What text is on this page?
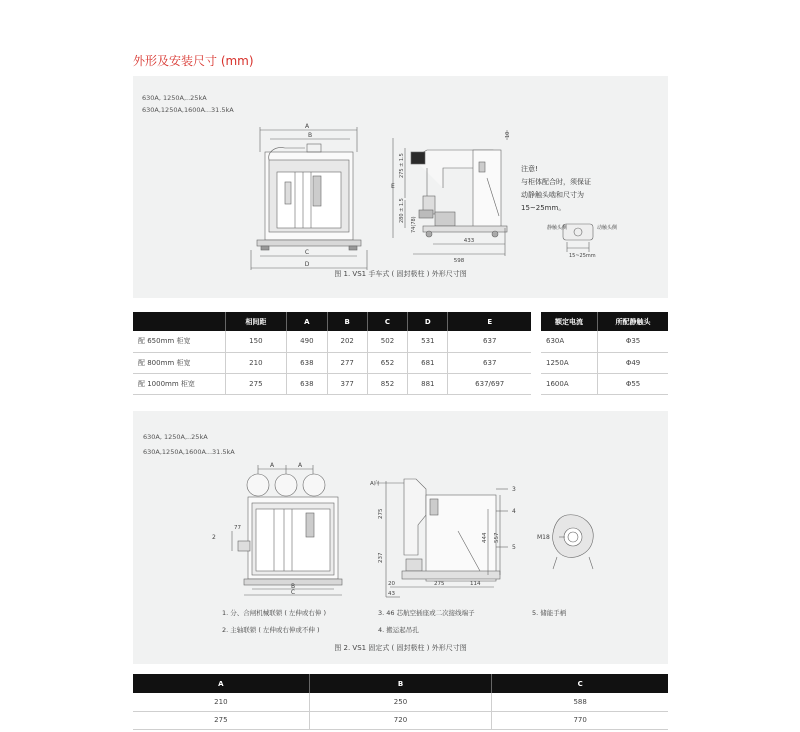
外形及安装尺寸 (mm)
630A, 1250A,..25kA
630A,1250A,1600A...31.5kA
A
B
C
D
10
E
275 ± 1.5
280 ± 1.5
74(78)
433
598
注意!
与柜体配合时，须保证
动静触头啮和尺寸为
15~25mm。
静触头侧	动触头侧
15~25mm
图 1. VS1 手车式 ( 固封极柱 ) 外形尺寸图
	相间距	A	B	C	D	E
配 650mm 柜宽	150	490	202	502	531	637
配 800mm 柜宽	210	638	277	652	681	637
配 1000mm 柜宽	275	638	377	852	881	637/697
额定电流	所配静触头
630A	Φ35
1250A	Φ49
1600A	Φ55
630A, 1250A,..25kA
630A,1250A,1600A...31.5kA
A	A
77
2
B
C
A向
275
237
444 557
20
43
275	114
3
4
5
M18
1. 分、合闸机械联锁 ( 左伸或右伸 )
2. 主轴联锁 ( 左伸或右伸或不伸 )
3. 46 芯航空插座或二次接线端子
4. 搬运起吊孔
5. 储能手柄
图 2. VS1 固定式 ( 固封极柱 ) 外形尺寸图
A	B	C
210	250	588
275	720	770
